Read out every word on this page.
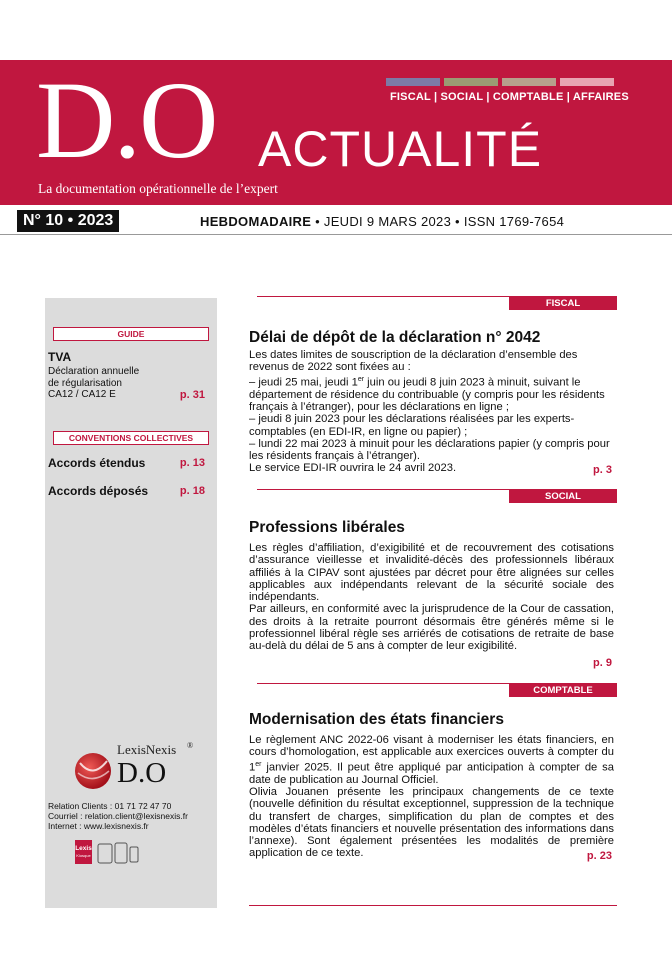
FISCAL | SOCIAL | COMPTABLE | AFFAIRES
D.O ACTUALITÉ
La documentation opérationnelle de l’expert
N° 10 • 2023	HEBDOMADAIRE • JEUDI 9 MARS 2023 • ISSN 1769-7654
GUIDE
TVA
Déclaration annuelle
de régularisation
CA12 / CA12 E	p. 31
CONVENTIONS COLLECTIVES
Accords étendus	p. 13
Accords déposés	p. 18
LexisNexis ®
D.O
Relation Clients : 01 71 72 47 70
Courriel : relation.client@lexisnexis.fr
Internet : www.lexisnexis.fr
Lexis
Kiosque
FISCAL
Délai de dépôt de la déclaration n° 2042

Les dates limites de souscription de la déclaration d’ensemble des revenus de 2022 sont fixées au :

– jeudi 25 mai, jeudi 1er juin ou jeudi 8 juin 2023 à minuit, suivant le département de résidence du contribuable (y compris pour les résidents français à l’étranger), pour les déclarations en ligne ;

– jeudi 8 juin 2023 pour les déclarations réalisées par les experts-comptables (en EDI-IR, en ligne ou papier) ;

– lundi 22 mai 2023 à minuit pour les déclarations papier (y compris pour les résidents français à l’étranger).

Le service EDI-IR ouvrira le 24 avril 2023.	p. 3
SOCIAL
Professions libérales

Les règles d’affiliation, d’exigibilité et de recouvrement des cotisations d’assurance vieillesse et invalidité-décès des professionnels libéraux affiliés à la CIPAV sont ajustées par décret pour être alignées sur celles applicables aux indépendants relevant de la sécurité sociale des indépendants.

Par ailleurs, en conformité avec la jurisprudence de la Cour de cassation, des droits à la retraite pourront désormais être générés même si le professionnel libéral règle ses arriérés de cotisations de retraite de base au-delà du délai de 5 ans à compter de leur exigibilité.

p. 9
COMPTABLE
Modernisation des états financiers

Le règlement ANC 2022-06 visant à moderniser les états financiers, en cours d’homologation, est applicable aux exercices ouverts à compter du 1er janvier 2025. Il peut être appliqué par anticipation à compter de sa date de publication au Journal Officiel.

Olivia Jouanen présente les principaux changements de ce texte (nouvelle définition du résultat exceptionnel, suppression de la technique du transfert de charges, simplification du plan de comptes et des modèles d’états financiers et nouvelle présentation des informations dans l’annexe). Sont également présentées les modalités de première application de ce texte.	p. 23
